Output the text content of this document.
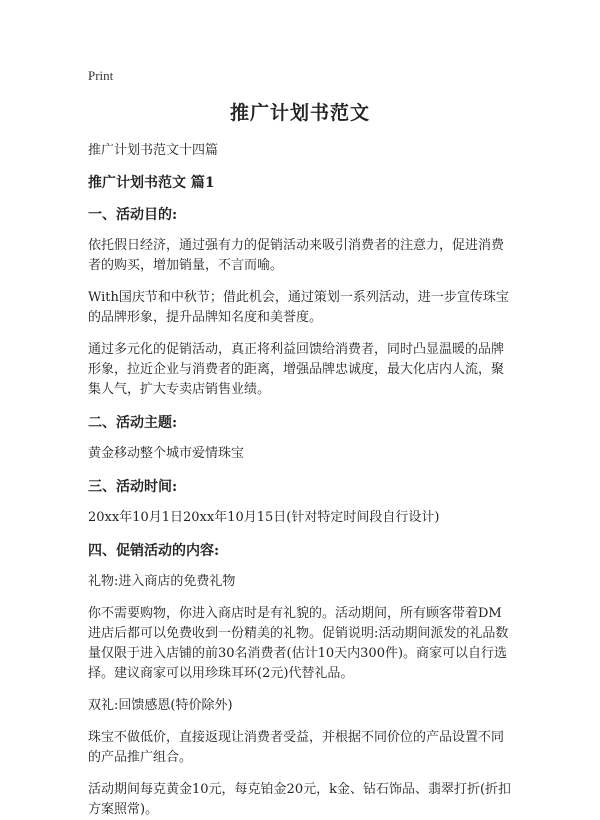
Print
推广计划书范文
推广计划书范文十四篇
推广计划书范文 篇1
一、活动目的:

依托假日经济，通过强有力的促销活动来吸引消费者的注意力，促进消费者的购买，增加销量，不言而喻。

With国庆节和中秋节；借此机会，通过策划一系列活动，进一步宣传珠宝的品牌形象，提升品牌知名度和美誉度。

通过多元化的促销活动，真正将利益回馈给消费者，同时凸显温暖的品牌形象，拉近企业与消费者的距离，增强品牌忠诚度，最大化店内人流，聚集人气，扩大专卖店销售业绩。

二、活动主题:

黄金移动整个城市爱情珠宝

三、活动时间:

20xx年10月1日20xx年10月15日(针对特定时间段自行设计)

四、促销活动的内容:

礼物:进入商店的免费礼物

你不需要购物，你进入商店时是有礼貌的。活动期间，所有顾客带着DM进店后都可以免费收到一份精美的礼物。促销说明:活动期间派发的礼品数量仅限于进入店铺的前30名消费者(估计10天内300件)。商家可以自行选择。建议商家可以用珍珠耳环(2元)代替礼品。

双礼:回馈感恩(特价除外)

珠宝不做低价，直接返现让消费者受益，并根据不同价位的产品设置不同的产品推广组合。

活动期间每克黄金10元，每克铂金20元，k金、钻石饰品、翡翠打折(折扣方案照常)。
